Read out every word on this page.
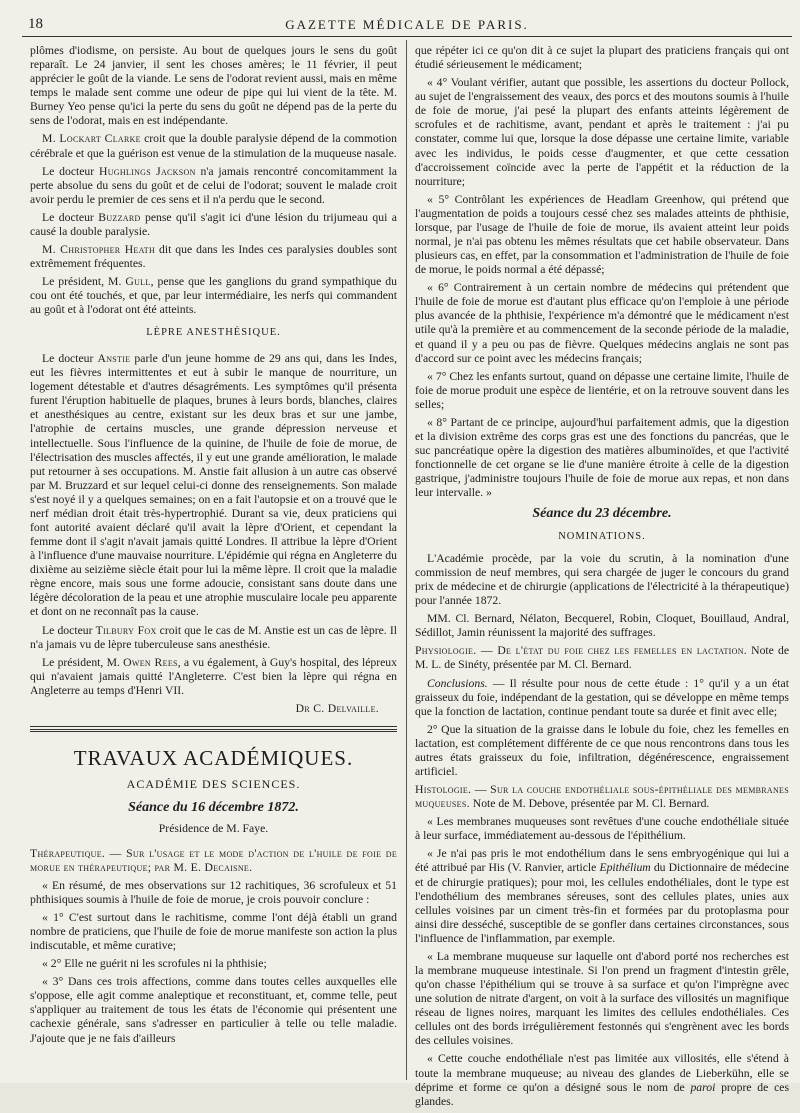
18	GAZETTE MÉDICALE DE PARIS.

plômes d'iodisme, on persiste. Au bout de quelques jours le sens du goût reparaît. Le 24 janvier, il sent les choses amères; le 11 février, il peut apprécier le goût de la viande. Le sens de l'odorat revient aussi, mais en même temps le malade sent comme une odeur de pipe qui lui vient de la tête. M. Burney Yeo pense qu'ici la perte du sens du goût ne dépend pas de la perte du sens de l'odorat, mais en est indépendante.

M. Lockart Clarke croit que la double paralysie dépend de la commotion cérébrale et que la guérison est venue de la stimulation de la muqueuse nasale.

Le docteur Hughlings Jackson n'a jamais rencontré concomitamment la perte absolue du sens du goût et de celui de l'odorat; souvent le malade croit avoir perdu le premier de ces sens et il n'a perdu que le second.

Le docteur Buzzard pense qu'il s'agit ici d'une lésion du trijumeau qui a causé la double paralysie.

M. Christopher Heath dit que dans les Indes ces paralysies doubles sont extrêmement fréquentes.

Le président, M. Gull, pense que les ganglions du grand sympathique du cou ont été touchés, et que, par leur intermédiaire, les nerfs qui commandent au goût et à l'odorat ont été atteints.

LÈPRE ANESTHÉSIQUE.

Le docteur Anstie parle d'un jeune homme de 29 ans qui, dans les Indes, eut les fièvres intermittentes et eut à subir le manque de nourriture, un logement détestable et d'autres désagréments. Les symptômes qu'il présenta furent l'éruption habituelle de plaques, brunes à leurs bords, blanches, claires et anesthésiques au centre, existant sur les deux bras et sur une jambe, l'atrophie de certains muscles, une grande dépression nerveuse et intellectuelle. Sous l'influence de la quinine, de l'huile de foie de morue, de l'électrisation des muscles affectés, il y eut une grande amélioration, le malade put retourner à ses occupations. M. Anstie fait allusion à un autre cas observé par M. Bruzzard et sur lequel celui-ci donne des renseignements. Son malade s'est noyé il y a quelques semaines; on en a fait l'autopsie et on a trouvé que le nerf médian droit était très-hypertrophié. Durant sa vie, deux praticiens qui font autorité avaient déclaré qu'il avait la lèpre d'Orient, et cependant la femme dont il s'agit n'avait jamais quitté Londres. Il attribue la lèpre d'Orient à l'influence d'une mauvaise nourriture. L'épidémie qui régna en Angleterre du dixième au seizième siècle était pour lui la même lèpre. Il croit que la maladie règne encore, mais sous une forme adoucie, consistant sans doute dans une légère décoloration de la peau et une atrophie musculaire locale peu apparente et dont on ne reconnaît pas la cause.

Le docteur Tilbury Fox croit que le cas de M. Anstie est un cas de lèpre. Il n'a jamais vu de lèpre tuberculeuse sans anesthésie.

Le président, M. Owen Rees, a vu également, à Guy's hospital, des lépreux qui n'avaient jamais quitté l'Angleterre. C'est bien la lèpre qui régna en Angleterre au temps d'Henri VII.

Dr C. Delvaille.

TRAVAUX ACADÉMIQUES.

ACADÉMIE DES SCIENCES.

Séance du 16 décembre 1872.

Présidence de M. Faye.

Thérapeutique. — Sur l'usage et le mode d'action de l'huile de foie de morue en thérapeutique; par M. E. Decaisne.

« En résumé, de mes observations sur 12 rachitiques, 36 scrofuleux et 51 phthisiques soumis à l'huile de foie de morue, je crois pouvoir conclure :

« 1° C'est surtout dans le rachitisme, comme l'ont déjà établi un grand nombre de praticiens, que l'huile de foie de morue manifeste son action la plus indiscutable, et même curative;

« 2° Elle ne guérit ni les scrofules ni la phthisie;

« 3° Dans ces trois affections, comme dans toutes celles auxquelles elle s'oppose, elle agit comme analeptique et reconstituant, et, comme telle, peut s'appliquer au traitement de tous les états de l'économie qui présentent une cachexie générale, sans s'adresser en particulier à telle ou telle maladie. J'ajoute que je ne fais d'ailleurs

que répéter ici ce qu'on dit à ce sujet la plupart des praticiens français qui ont étudié sérieusement le médicament;

« 4° Voulant vérifier, autant que possible, les assertions du docteur Pollock, au sujet de l'engraissement des veaux, des porcs et des moutons soumis à l'huile de foie de morue, j'ai pesé la plupart des enfants atteints légèrement de scrofules et de rachitisme, avant, pendant et après le traitement : j'ai pu constater, comme lui que, lorsque la dose dépasse une certaine limite, variable avec les individus, le poids cesse d'augmenter, et que cette cessation d'accroissement coïncide avec la perte de l'appétit et la réduction de la nourriture;

« 5° Contrôlant les expériences de Headlam Greenhow, qui prétend que l'augmentation de poids a toujours cessé chez ses malades atteints de phthisie, lorsque, par l'usage de l'huile de foie de morue, ils avaient atteint leur poids normal, je n'ai pas obtenu les mêmes résultats que cet habile observateur. Dans plusieurs cas, en effet, par la consommation et l'administration de l'huile de foie de morue, le poids normal a été dépassé;

« 6° Contrairement à un certain nombre de médecins qui prétendent que l'huile de foie de morue est d'autant plus efficace qu'on l'emploie à une période plus avancée de la phthisie, l'expérience m'a démontré que le médicament n'est utile qu'à la première et au commencement de la seconde période de la maladie, et quand il y a peu ou pas de fièvre. Quelques médecins anglais ne sont pas d'accord sur ce point avec les médecins français;

« 7° Chez les enfants surtout, quand on dépasse une certaine limite, l'huile de foie de morue produit une espèce de lientérie, et on la retrouve souvent dans les selles;

« 8° Partant de ce principe, aujourd'hui parfaitement admis, que la digestion et la division extrême des corps gras est une des fonctions du pancréas, que le suc pancréatique opère la digestion des matières albuminoïdes, et que l'activité fonctionnelle de cet organe se lie d'une manière étroite à celle de la digestion gastrique, j'administre toujours l'huile de foie de morue aux repas, et non dans leur intervalle. »

Séance du 23 décembre.

NOMINATIONS.

L'Académie procède, par la voie du scrutin, à la nomination d'une commission de neuf membres, qui sera chargée de juger le concours du grand prix de médecine et de chirurgie (applications de l'électricité à la thérapeutique) pour l'année 1872.

MM. Cl. Bernard, Nélaton, Becquerel, Robin, Cloquet, Bouillaud, Andral, Sédillot, Jamin réunissent la majorité des suffrages.

Physiologie. — De l'état du foie chez les femelles en lactation. Note de M. L. de Sinéty, présentée par M. Cl. Bernard.

Conclusions. — Il résulte pour nous de cette étude : 1° qu'il y a un état graisseux du foie, indépendant de la gestation, qui se développe en même temps que la fonction de lactation, continue pendant toute sa durée et finit avec elle;

2° Que la situation de la graisse dans le lobule du foie, chez les femelles en lactation, est complétement différente de ce que nous rencontrons dans tous les autres états graisseux du foie, infiltration, dégénérescence, engraissement artificiel.

Histologie. — Sur la couche endothéliale sous-épithéliale des membranes muqueuses. Note de M. Debove, présentée par M. Cl. Bernard.

« Les membranes muqueuses sont revêtues d'une couche endothéliale située à leur surface, immédiatement au-dessous de l'épithélium.

« Je n'ai pas pris le mot endothélium dans le sens embryogénique qui lui a été attribué par His (V. Ranvier, article Epithélium du Dictionnaire de médecine et de chirurgie pratiques); pour moi, les cellules endothéliales, dont le type est l'endothélium des membranes séreuses, sont des cellules plates, unies aux cellules voisines par un ciment très-fin et formées par du protoplasma pour ainsi dire desséché, susceptible de se gonfler dans certaines circonstances, sous l'influence de l'inflammation, par exemple.

« La membrane muqueuse sur laquelle ont d'abord porté nos recherches est la membrane muqueuse intestinale. Si l'on prend un fragment d'intestin grêle, qu'on chasse l'épithélium qui se trouve à sa surface et qu'on l'imprègne avec une solution de nitrate d'argent, on voit à la surface des villosités un magnifique réseau de lignes noires, marquant les limites des cellules endothéliales. Ces cellules ont des bords irrégulièrement festonnés qui s'engrènent avec les bords des cellules voisines.

« Cette couche endothéliale n'est pas limitée aux villosités, elle s'étend à toute la membrane muqueuse; au niveau des glandes de Lieberkühn, elle se déprime et forme ce qu'on a désigné sous le nom de paroi propre de ces glandes.
